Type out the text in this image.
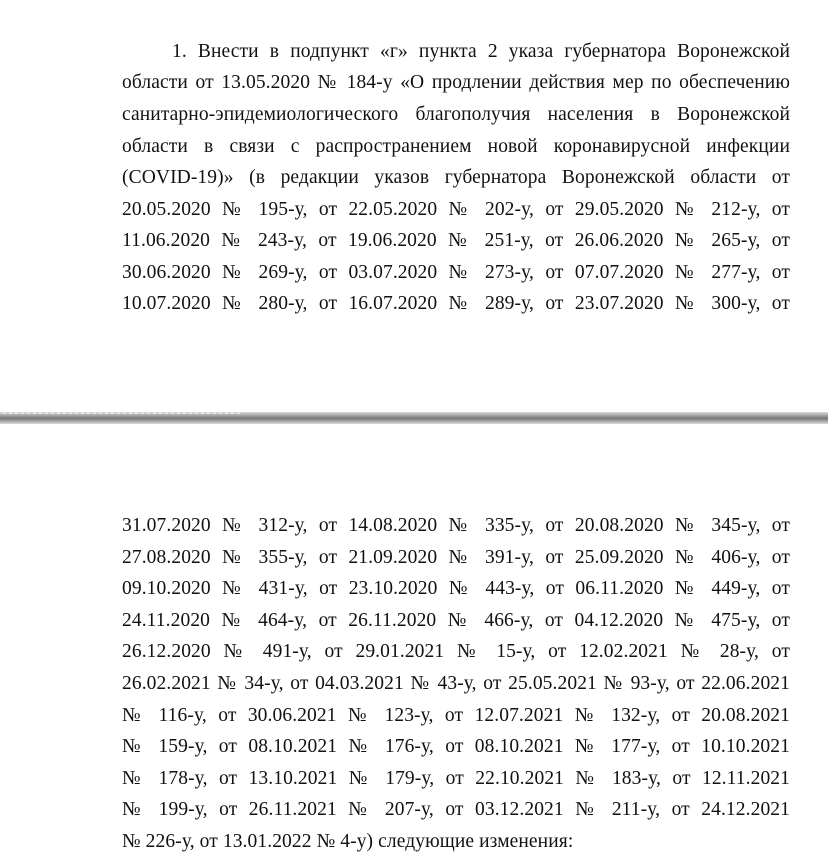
1. Внести в подпункт «г» пункта 2 указа губернатора Воронежской
области от 13.05.2020 № 184-у «О продлении действия мер по обеспечению
санитарно-эпидемиологического благополучия населения в Воронежской
области в связи с распространением новой коронавирусной инфекции
(COVID-19)» (в редакции указов губернатора Воронежской области от
20.05.2020 № 195-у, от 22.05.2020 № 202-у, от 29.05.2020 № 212-у, от
11.06.2020 № 243-у, от 19.06.2020 № 251-у, от 26.06.2020 № 265-у, от
30.06.2020 № 269-у, от 03.07.2020 № 273-у, от 07.07.2020 № 277-у, от
10.07.2020 № 280-у, от 16.07.2020 № 289-у, от 23.07.2020 № 300-у, от
31.07.2020 № 312-у, от 14.08.2020 № 335-у, от 20.08.2020 № 345-у, от
27.08.2020 № 355-у, от 21.09.2020 № 391-у, от 25.09.2020 № 406-у, от
09.10.2020 № 431-у, от 23.10.2020 № 443-у, от 06.11.2020 № 449-у, от
24.11.2020 № 464-у, от 26.11.2020 № 466-у, от 04.12.2020 № 475-у, от
26.12.2020 № 491-у, от 29.01.2021 № 15-у, от 12.02.2021 № 28-у, от
26.02.2021 № 34-у, от 04.03.2021 № 43-у, от 25.05.2021 № 93-у, от 22.06.2021
№ 116-у, от 30.06.2021 № 123-у, от 12.07.2021 № 132-у, от 20.08.2021
№ 159-у, от 08.10.2021 № 176-у, от 08.10.2021 № 177-у, от 10.10.2021
№ 178-у, от 13.10.2021 № 179-у, от 22.10.2021 № 183-у, от 12.11.2021
№ 199-у, от 26.11.2021 № 207-у, от 03.12.2021 № 211-у, от 24.12.2021
№ 226-у, от 13.01.2022 № 4-у) следующие изменения:
